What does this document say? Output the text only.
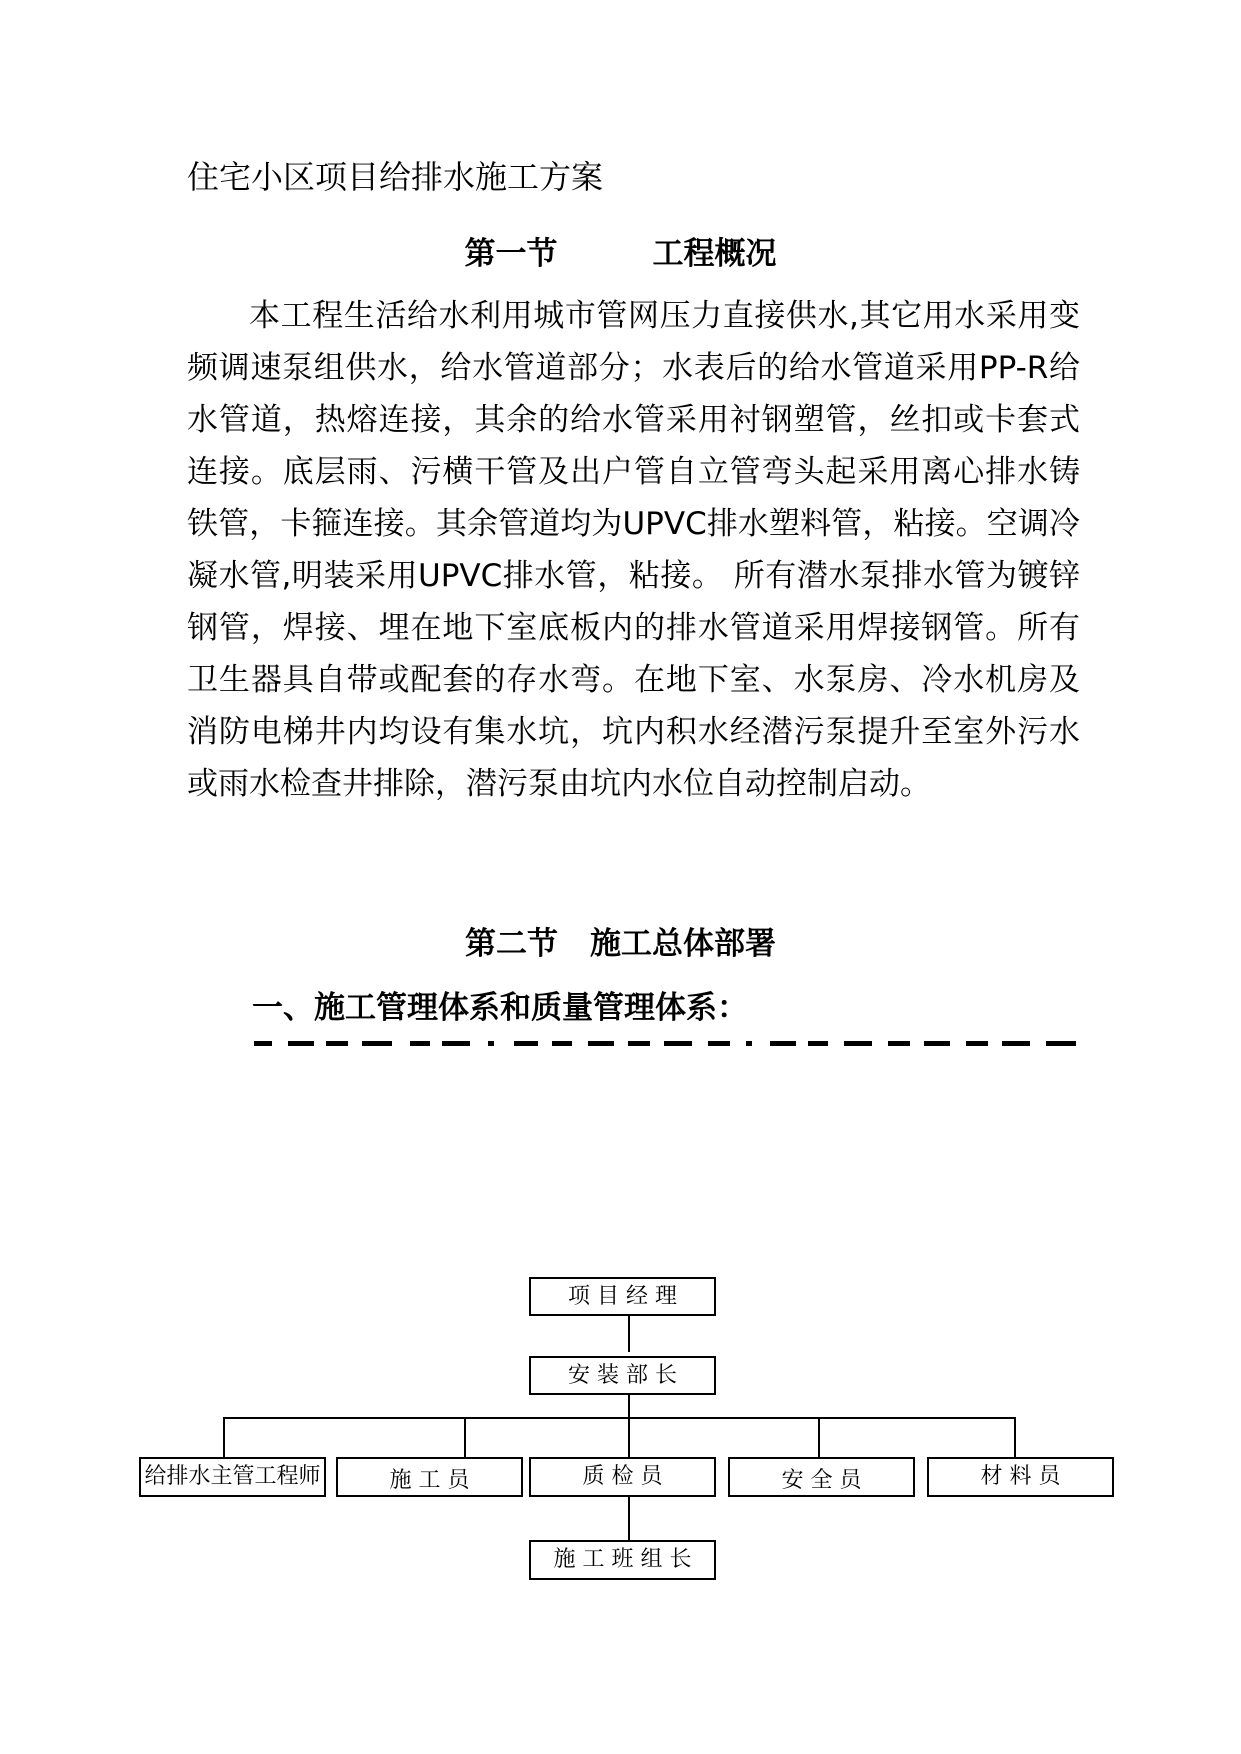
住宅小区项目给排水施工方案
第一节	工程概况
本工程生活给水利用城市管网压力直接供水,其它用水采用变频调速泵组供水，给水管道部分；水表后的给水管道采用PP-R给水管道，热熔连接，其余的给水管采用衬钢塑管，丝扣或卡套式连接。底层雨、污横干管及出户管自立管弯头起采用离心排水铸铁管，卡箍连接。其余管道均为UPVC排水塑料管，粘接。空调冷凝水管,明装采用UPVC排水管，粘接。 所有潜水泵排水管为镀锌钢管，焊接、埋在地下室底板内的排水管道采用焊接钢管。所有卫生器具自带或配套的存水弯。在地下室、水泵房、冷水机房及消防电梯井内均设有集水坑，坑内积水经潜污泵提升至室外污水或雨水检查井排除，潜污泵由坑内水位自动控制启动。
第二节 施工总体部署
一、施工管理体系和质量管理体系：
项 目 经 理
安 装 部 长
给排水主管工程师	施 工 员	质 检 员	安 全 员	材 料 员
施 工 班 组 长
